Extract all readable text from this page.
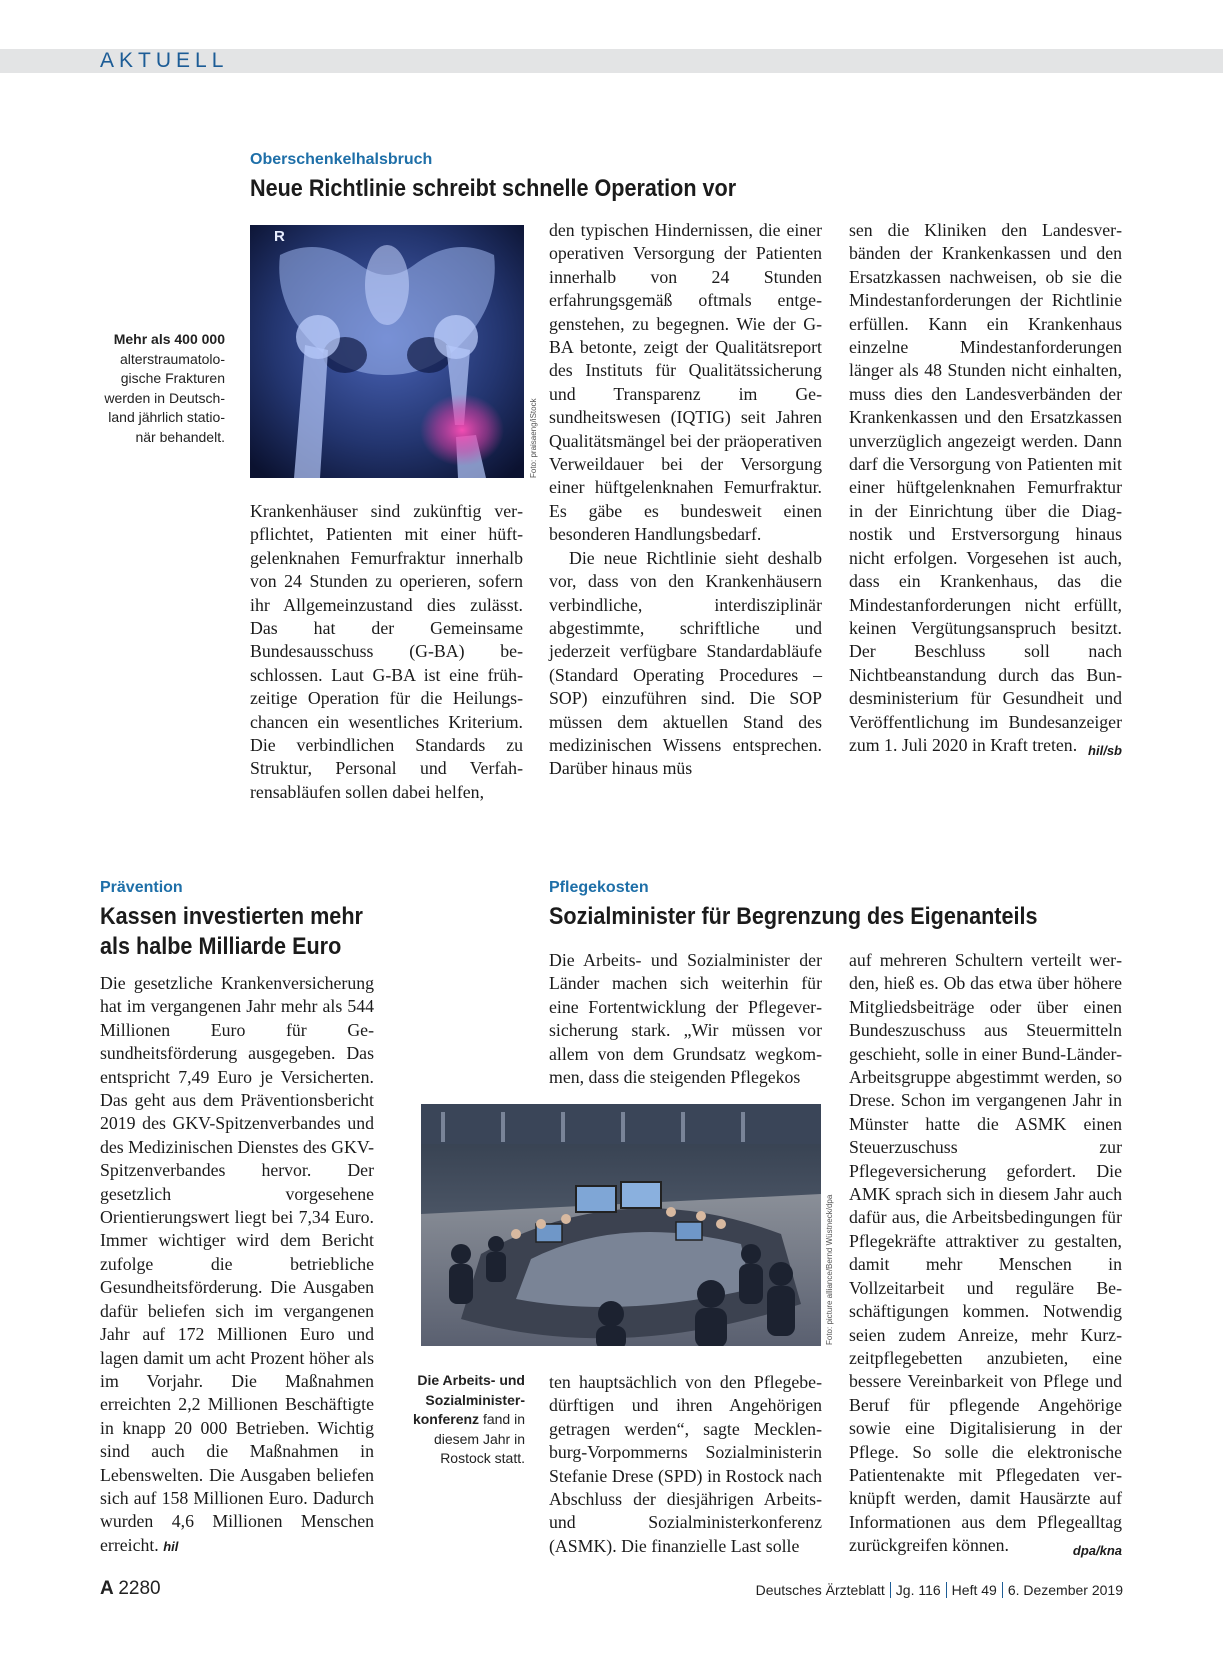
AKTUELL
Oberschenkelhalsbruch
Neue Richtlinie schreibt schnelle Operation vor
Mehr als 400 000
alterstraumatologische Frakturen werden in Deutschland jährlich stationär behandelt.
R
Foto: praisaeng/iStock

Krankenhäuser sind zukünftig verpflichtet, Patienten mit einer hüftgelenknahen Femurfraktur innerhalb von 24 Stunden zu operieren, sofern ihr Allgemeinzustand dies zulässt. Das hat der Gemeinsame Bundesausschuss (G-BA) beschlossen. Laut G-BA ist eine frühzeitige Operation für die Heilungschancen ein wesentliches Kriterium. Die verbindlichen Standards zu Struktur, Personal und Verfahrensabläufen sollen dabei helfen,

den typischen Hindernissen, die einer operativen Versorgung der Patienten innerhalb von 24 Stunden erfahrungsgemäß oftmals entgegenstehen, zu begegnen. Wie der G-BA betonte, zeigt der Qualitätsreport des Instituts für Qualitätssicherung und Transparenz im Gesundheitswesen (IQTIG) seit Jahren Qualitätsmängel bei der präoperativen Verweildauer bei der Versorgung einer hüftgelenknahen Femurfraktur. Es gäbe es bundesweit einen besonderen Handlungsbedarf.

Die neue Richtlinie sieht deshalb vor, dass von den Krankenhäusern verbindliche, interdisziplinär abgestimmte, schriftliche und jederzeit verfügbare Standardabläufe (Standard Operating Procedures – SOP) einzuführen sind. Die SOP müssen dem aktuellen Stand des medizinischen Wissens entsprechen. Darüber hinaus müs

sen die Kliniken den Landesverbänden der Krankenkassen und den Ersatzkassen nachweisen, ob sie die Mindestanforderungen der Richtlinie erfüllen. Kann ein Krankenhaus einzelne Mindestanforderungen länger als 48 Stunden nicht einhalten, muss dies den Landesverbänden der Krankenkassen und den Ersatzkassen unverzüglich angezeigt werden. Dann darf die Versorgung von Patienten mit einer hüftgelenknahen Femurfraktur in der Einrichtung über die Diagnostik und Erstversorgung hinaus nicht erfolgen. Vorgesehen ist auch, dass ein Krankenhaus, das die Mindestanforderungen nicht erfüllt, keinen Vergütungsanspruch besitzt. Der Beschluss soll nach Nichtbeanstandung durch das Bundesministerium für Gesundheit und Veröffentlichung im Bundesanzeiger zum 1. Juli 2020 in Kraft treten. hil/sb

Prävention
Kassen investierten mehr
als halbe Milliarde Euro

Die gesetzliche Krankenversicherung hat im vergangenen Jahr mehr als 544 Millionen Euro für Gesundheitsförderung ausgegeben. Das entspricht 7,49 Euro je Versicherten. Das geht aus dem Präventionsbericht 2019 des GKV-Spitzenverbandes und des Medizinischen Dienstes des GKV-Spitzenverbandes hervor. Der gesetzlich vorgesehene Orientierungswert liegt bei 7,34 Euro. Immer wichtiger wird dem Bericht zufolge die betriebliche Gesundheitsförderung. Die Ausgaben dafür beliefen sich im vergangenen Jahr auf 172 Millionen Euro und lagen damit um acht Prozent höher als im Vorjahr. Die Maßnahmen erreichten 2,2 Millionen Beschäftigte in knapp 20 000 Betrieben. Wichtig sind auch die Maßnahmen in Lebenswelten. Die Ausgaben beliefen sich auf 158 Millionen Euro. Dadurch wurden 4,6 Millionen Menschen erreicht. hil

Pflegekosten
Sozialminister für Begrenzung des Eigenanteils

Die Arbeits- und Sozialminister der Länder machen sich weiterhin für eine Fortentwicklung der Pflegeversicherung stark. „Wir müssen vor allem von dem Grundsatz wegkommen, dass die steigenden Pflegekos

Foto: picture alliance/Bernd Wüstneck/dpa
Die Arbeits- und Sozialministerkonferenz fand in diesem Jahr in Rostock statt.

ten hauptsächlich von den Pflegebedürftigen und ihren Angehörigen getragen werden“, sagte Mecklenburg-Vorpommerns Sozialministerin Stefanie Drese (SPD) in Rostock nach Abschluss der diesjährigen Arbeits- und Sozialministerkonferenz (ASMK). Die finanzielle Last solle

auf mehreren Schultern verteilt werden, hieß es. Ob das etwa über höhere Mitgliedsbeiträge oder über einen Bundeszuschuss aus Steuermitteln geschieht, solle in einer Bund-Länder-Arbeitsgruppe abgestimmt werden, so Drese. Schon im vergangenen Jahr in Münster hatte die ASMK einen Steuerzuschuss zur Pflegeversicherung gefordert. Die AMK sprach sich in diesem Jahr auch dafür aus, die Arbeitsbedingungen für Pflegekräfte attraktiver zu gestalten, damit mehr Menschen in Vollzeitarbeit und reguläre Beschäftigungen kommen. Notwendig seien zudem Anreize, mehr Kurzzeitpflegebetten anzubieten, eine bessere Vereinbarkeit von Pflege und Beruf für pflegende Angehörige sowie eine Digitalisierung in der Pflege. So solle die elektronische Patientenakte mit Pflegedaten verknüpft werden, damit Hausärzte auf Informationen aus dem Pflegealltag zurückgreifen können.	dpa/kna

A 2280	Deutsches Ärzteblatt Jg. 116 Heft 49 6. Dezember 2019
